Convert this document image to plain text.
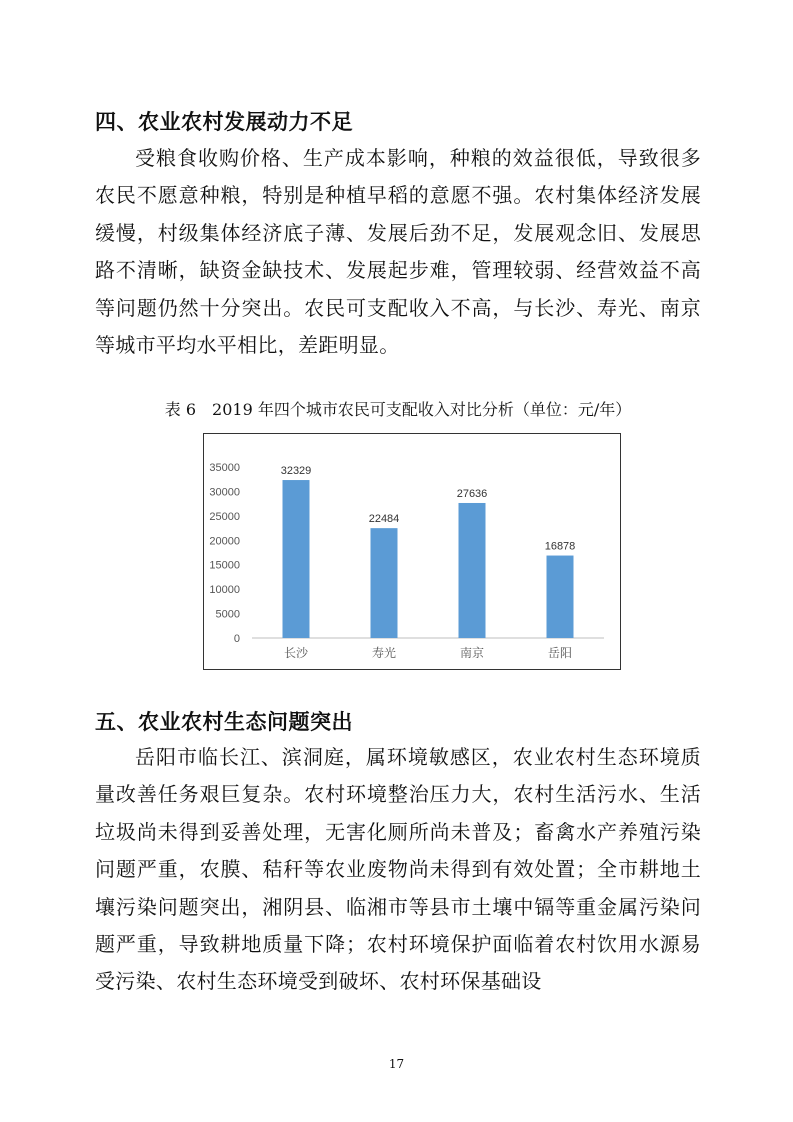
四、农业农村发展动力不足

受粮食收购价格、生产成本影响，种粮的效益很低，导致很多农民不愿意种粮，特别是种植早稻的意愿不强。农村集体经济发展缓慢，村级集体经济底子薄、发展后劲不足，发展观念旧、发展思路不清晰，缺资金缺技术、发展起步难，管理较弱、经营效益不高等问题仍然十分突出。农民可支配收入不高，与长沙、寿光、南京等城市平均水平相比，差距明显。

表 6　2019 年四个城市农民可支配收入对比分析（单位：元/年）

0
5000
10000
15000
20000
25000
30000
35000	32329
长沙
22484
寿光
27636
南京
16878
岳阳
五、农业农村生态问题突出

岳阳市临长江、滨洞庭，属环境敏感区，农业农村生态环境质量改善任务艰巨复杂。农村环境整治压力大，农村生活污水、生活垃圾尚未得到妥善处理，无害化厕所尚未普及；畜禽水产养殖污染问题严重，农膜、秸秆等农业废物尚未得到有效处置；全市耕地土壤污染问题突出，湘阴县、临湘市等县市土壤中镉等重金属污染问题严重，导致耕地质量下降；农村环境保护面临着农村饮用水源易受污染、农村生态环境受到破坏、农村环保基础设

17
